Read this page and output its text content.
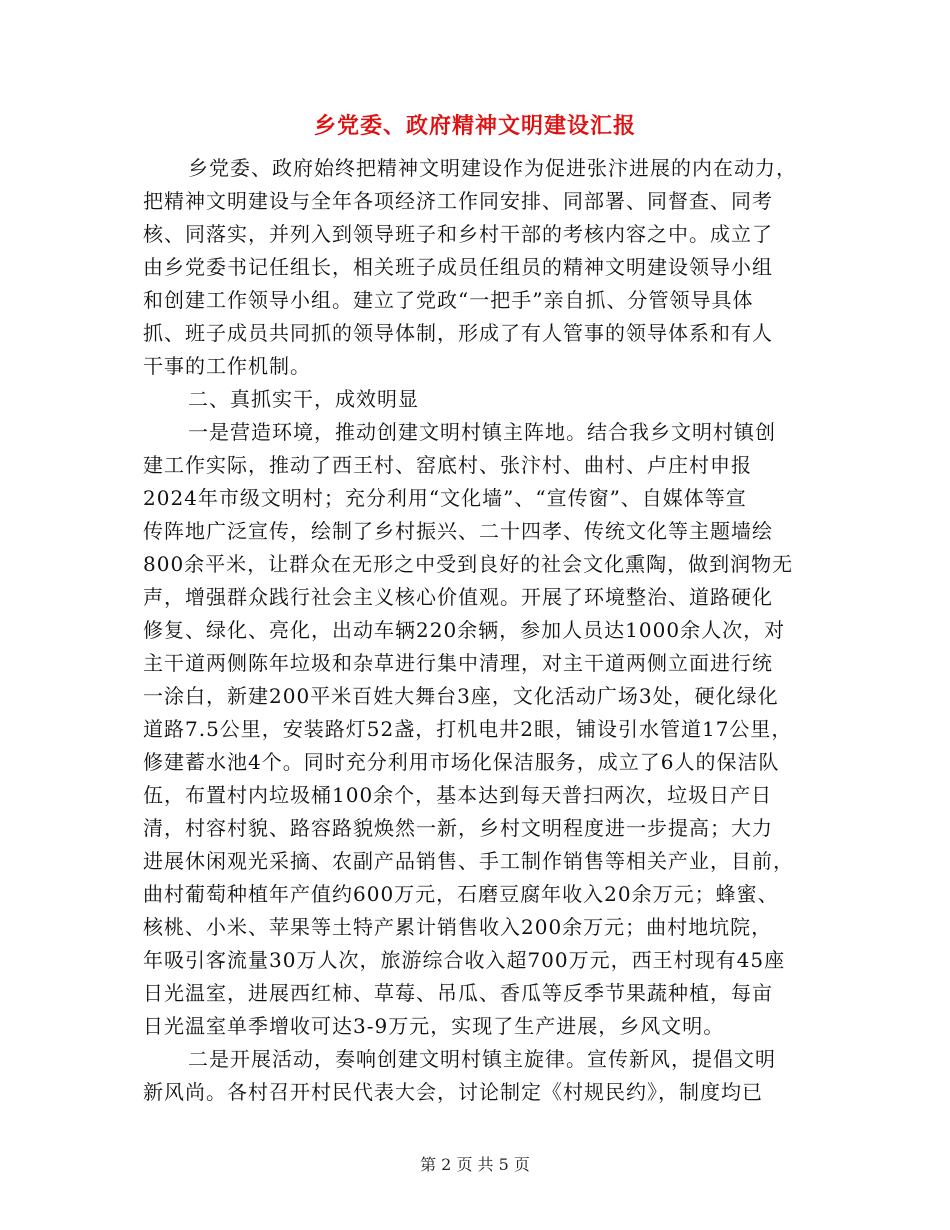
乡党委、政府精神文明建设汇报
乡党委、政府始终把精神文明建设作为促进张汴进展的内在动力，
把精神文明建设与全年各项经济工作同安排、同部署、同督查、同考
核、同落实，并列入到领导班子和乡村干部的考核内容之中。成立了
由乡党委书记任组长，相关班子成员任组员的精神文明建设领导小组
和创建工作领导小组。建立了党政“一把手”亲自抓、分管领导具体
抓、班子成员共同抓的领导体制，形成了有人管事的领导体系和有人
干事的工作机制。
二、真抓实干，成效明显
一是营造环境，推动创建文明村镇主阵地。结合我乡文明村镇创
建工作实际，推动了西王村、窑底村、张汴村、曲村、卢庄村申报
2024年市级文明村；充分利用“文化墙”、“宣传窗”、自媒体等宣
传阵地广泛宣传，绘制了乡村振兴、二十四孝、传统文化等主题墙绘
800余平米，让群众在无形之中受到良好的社会文化熏陶，做到润物无
声，增强群众践行社会主义核心价值观。开展了环境整治、道路硬化
修复、绿化、亮化，出动车辆220余辆，参加人员达1000余人次，对
主干道两侧陈年垃圾和杂草进行集中清理，对主干道两侧立面进行统
一涂白，新建200平米百姓大舞台3座，文化活动广场3处，硬化绿化
道路7.5公里，安装路灯52盏，打机电井2眼，铺设引水管道17公里，
修建蓄水池4个。同时充分利用市场化保洁服务，成立了6人的保洁队
伍，布置村内垃圾桶100余个，基本达到每天普扫两次，垃圾日产日
清，村容村貌、路容路貌焕然一新，乡村文明程度进一步提高；大力
进展休闲观光采摘、农副产品销售、手工制作销售等相关产业，目前，
曲村葡萄种植年产值约600万元，石磨豆腐年收入20余万元；蜂蜜、
核桃、小米、苹果等土特产累计销售收入200余万元；曲村地坑院，
年吸引客流量30万人次，旅游综合收入超700万元，西王村现有45座
日光温室，进展西红柿、草莓、吊瓜、香瓜等反季节果蔬种植，每亩
日光温室单季增收可达3-9万元，实现了生产进展，乡风文明。
二是开展活动，奏响创建文明村镇主旋律。宣传新风，提倡文明
新风尚。各村召开村民代表大会，讨论制定《村规民约》，制度均已
第 2 页 共 5 页
